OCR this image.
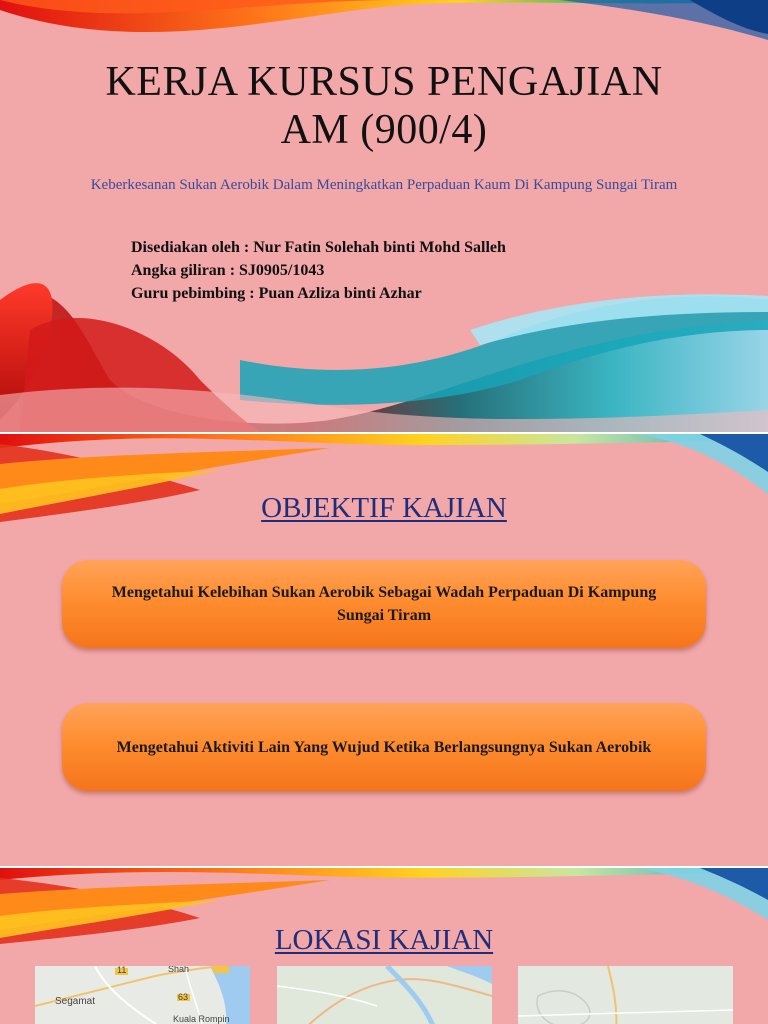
KERJA KURSUS PENGAJIAN
AM (900/4)
Keberkesanan Sukan Aerobik Dalam Meningkatkan Perpaduan Kaum Di Kampung Sungai Tiram
Disediakan oleh : Nur Fatin Solehah binti Mohd Salleh
Angka giliran : SJ0905/1043
Guru pebimbing : Puan Azliza binti Azhar
OBJEKTIF KAJIAN
Mengetahui Kelebihan Sukan Aerobik Sebagai Wadah Perpaduan Di Kampung Sungai Tiram
Mengetahui Aktiviti Lain Yang Wujud Ketika Berlangsungnya Sukan Aerobik
LOKASI KAJIAN
11
63
Shah
Segamat
Kuala Rompin
